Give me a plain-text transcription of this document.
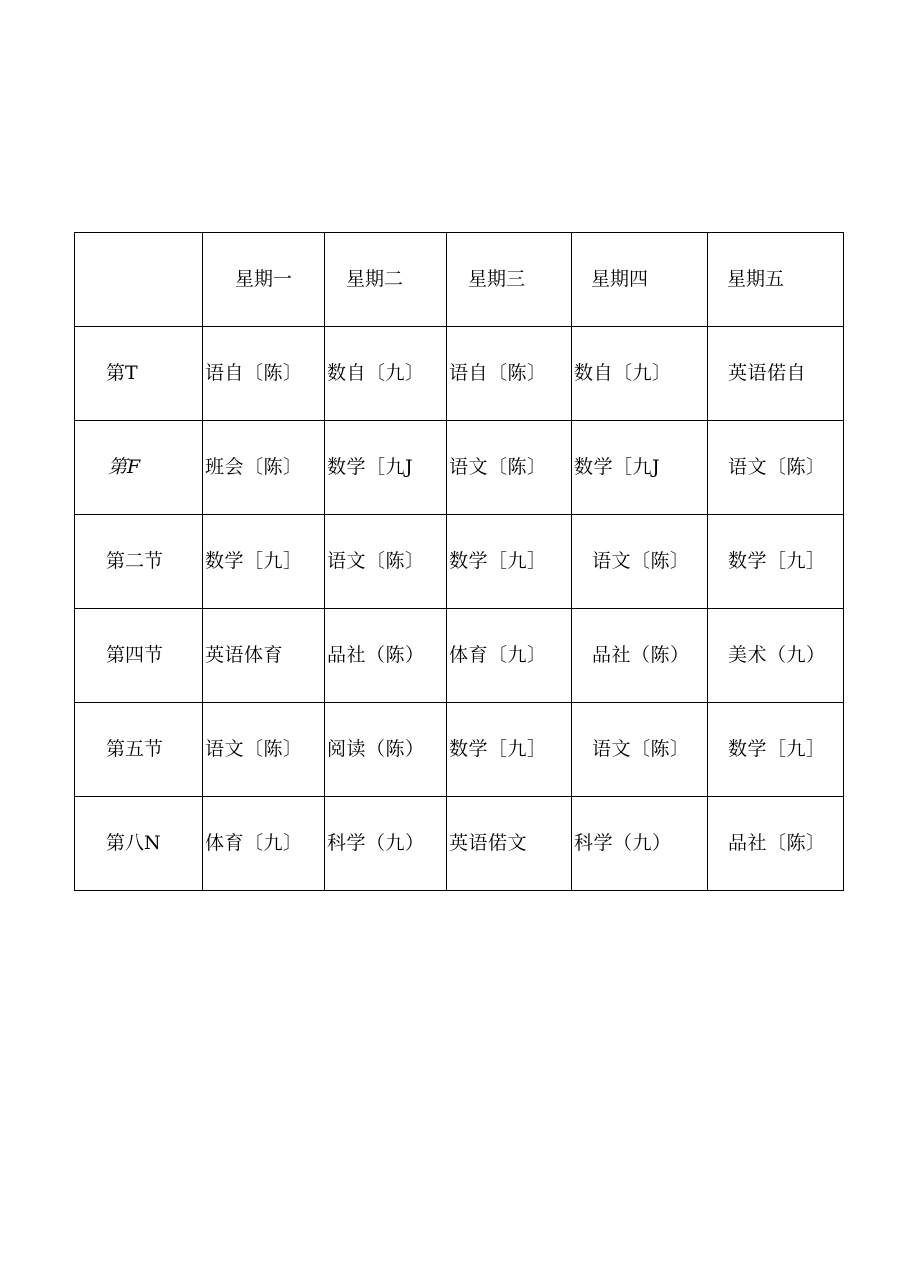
	星期一	星期二	星期三	星期四	星期五
第T	语自〔陈〕	数自〔九〕	语自〔陈〕	数自〔九〕	英语偌自
第F	班会〔陈〕	数学［九J	语文〔陈〕	数学［九J	语文〔陈〕
第二节	数学［九］	语文〔陈〕	数学［九］	语文〔陈〕	数学［九］
第四节	英语体育	品社（陈）	体育〔九〕	品社（陈）	美术（九）
第五节	语文〔陈〕	阅读（陈）	数学［九］	语文〔陈〕	数学［九］
第八N	体育〔九〕	科学（九）	英语偌文	科学（九）	品社〔陈〕
